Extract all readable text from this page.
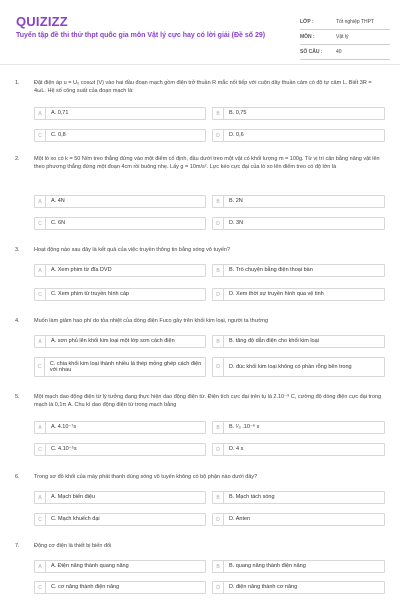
QUIZIZZ
Tuyển tập đề thi thử thpt quốc gia môn Vật lý cực hay có lời giải (Đề số 29)
LỚP :	Tốt nghiệp THPT
MÔN :	Vật lý
SỐ CÂU :	40
1.	Đặt điện áp u = U₀ cosωt (V) vào hai đầu đoạn mạch gồm điện trở thuần R mắc nối tiếp với cuộn dây thuần cảm có độ tự cảm L. Biết 3R = 4ωL. Hệ số công suất của đoạn mạch là:
A	A. 0,71	B	B. 0,75
C	C. 0,8	D	D. 0,6
2.	Một lò xo có k = 50 N/m treo thẳng đứng vào một điểm cố định, đầu dưới treo một vật có khối lượng m = 100g. Từ vị trí cân bằng nâng vật lên theo phương thẳng đứng một đoạn 4cm rồi buông nhẹ. Lấy g = 10m/s². Lực kéo cực đại của lò xo lên điểm treo có độ lớn là
A	A. 4N	B	B. 2N
C	C. 6N	D	D. 3N
3.	Hoạt động nào sau đây là kết quả của việc truyền thông tin bằng sóng vô tuyến?
A	A. Xem phim từ đĩa DVD	B	B. Trò chuyện bằng điện thoại bàn
C	C. Xem phim từ truyền hình cáp	D	D. Xem thời sự truyền hình qua vệ tinh
4.	Muốn làm giảm hao phí do tỏa nhiệt của dòng điện Fuco gây trên khối kim loại, người ta thường
A	A. sơn phủ lên khối kim loại một lớp sơn cách điện	B	B. tăng độ dẫn điện cho khối kim loại
C
C. chia khối kim loại thành nhiều lá thép mỏng ghép cách điện với nhau	D	D. đúc khối kim loại không có phần rỗng bên trong
5.	Một mạch dao động điện từ lý tưởng đang thực hiện dao động điện từ. Điện tích cực đại trên tụ là 2.10⁻⁹ C, cường độ dòng điện cực đại trong mạch là 0,1π A. Chu kì dao động điện từ trong mạch bằng
A	A. 4.10⁻⁷s	B	B. ¹⁄₃ .10⁻⁶ s
C	C. 4.10⁻⁵s	D	D. 4 s
6.	Trong sơ đồ khối của máy phát thanh dùng sóng vô tuyến không có bộ phận nào dưới đây?
A	A. Mạch biến điệu	B	B. Mạch tách sóng
C	C. Mạch khuếch đại	D	D. Anten
7.	Động cơ điện là thiết bị biến đổi
A	A. Điện năng thành quang năng	B	B. quang năng thành điện năng
C	C. cơ năng thành điện năng	D	D. điện năng thành cơ năng
